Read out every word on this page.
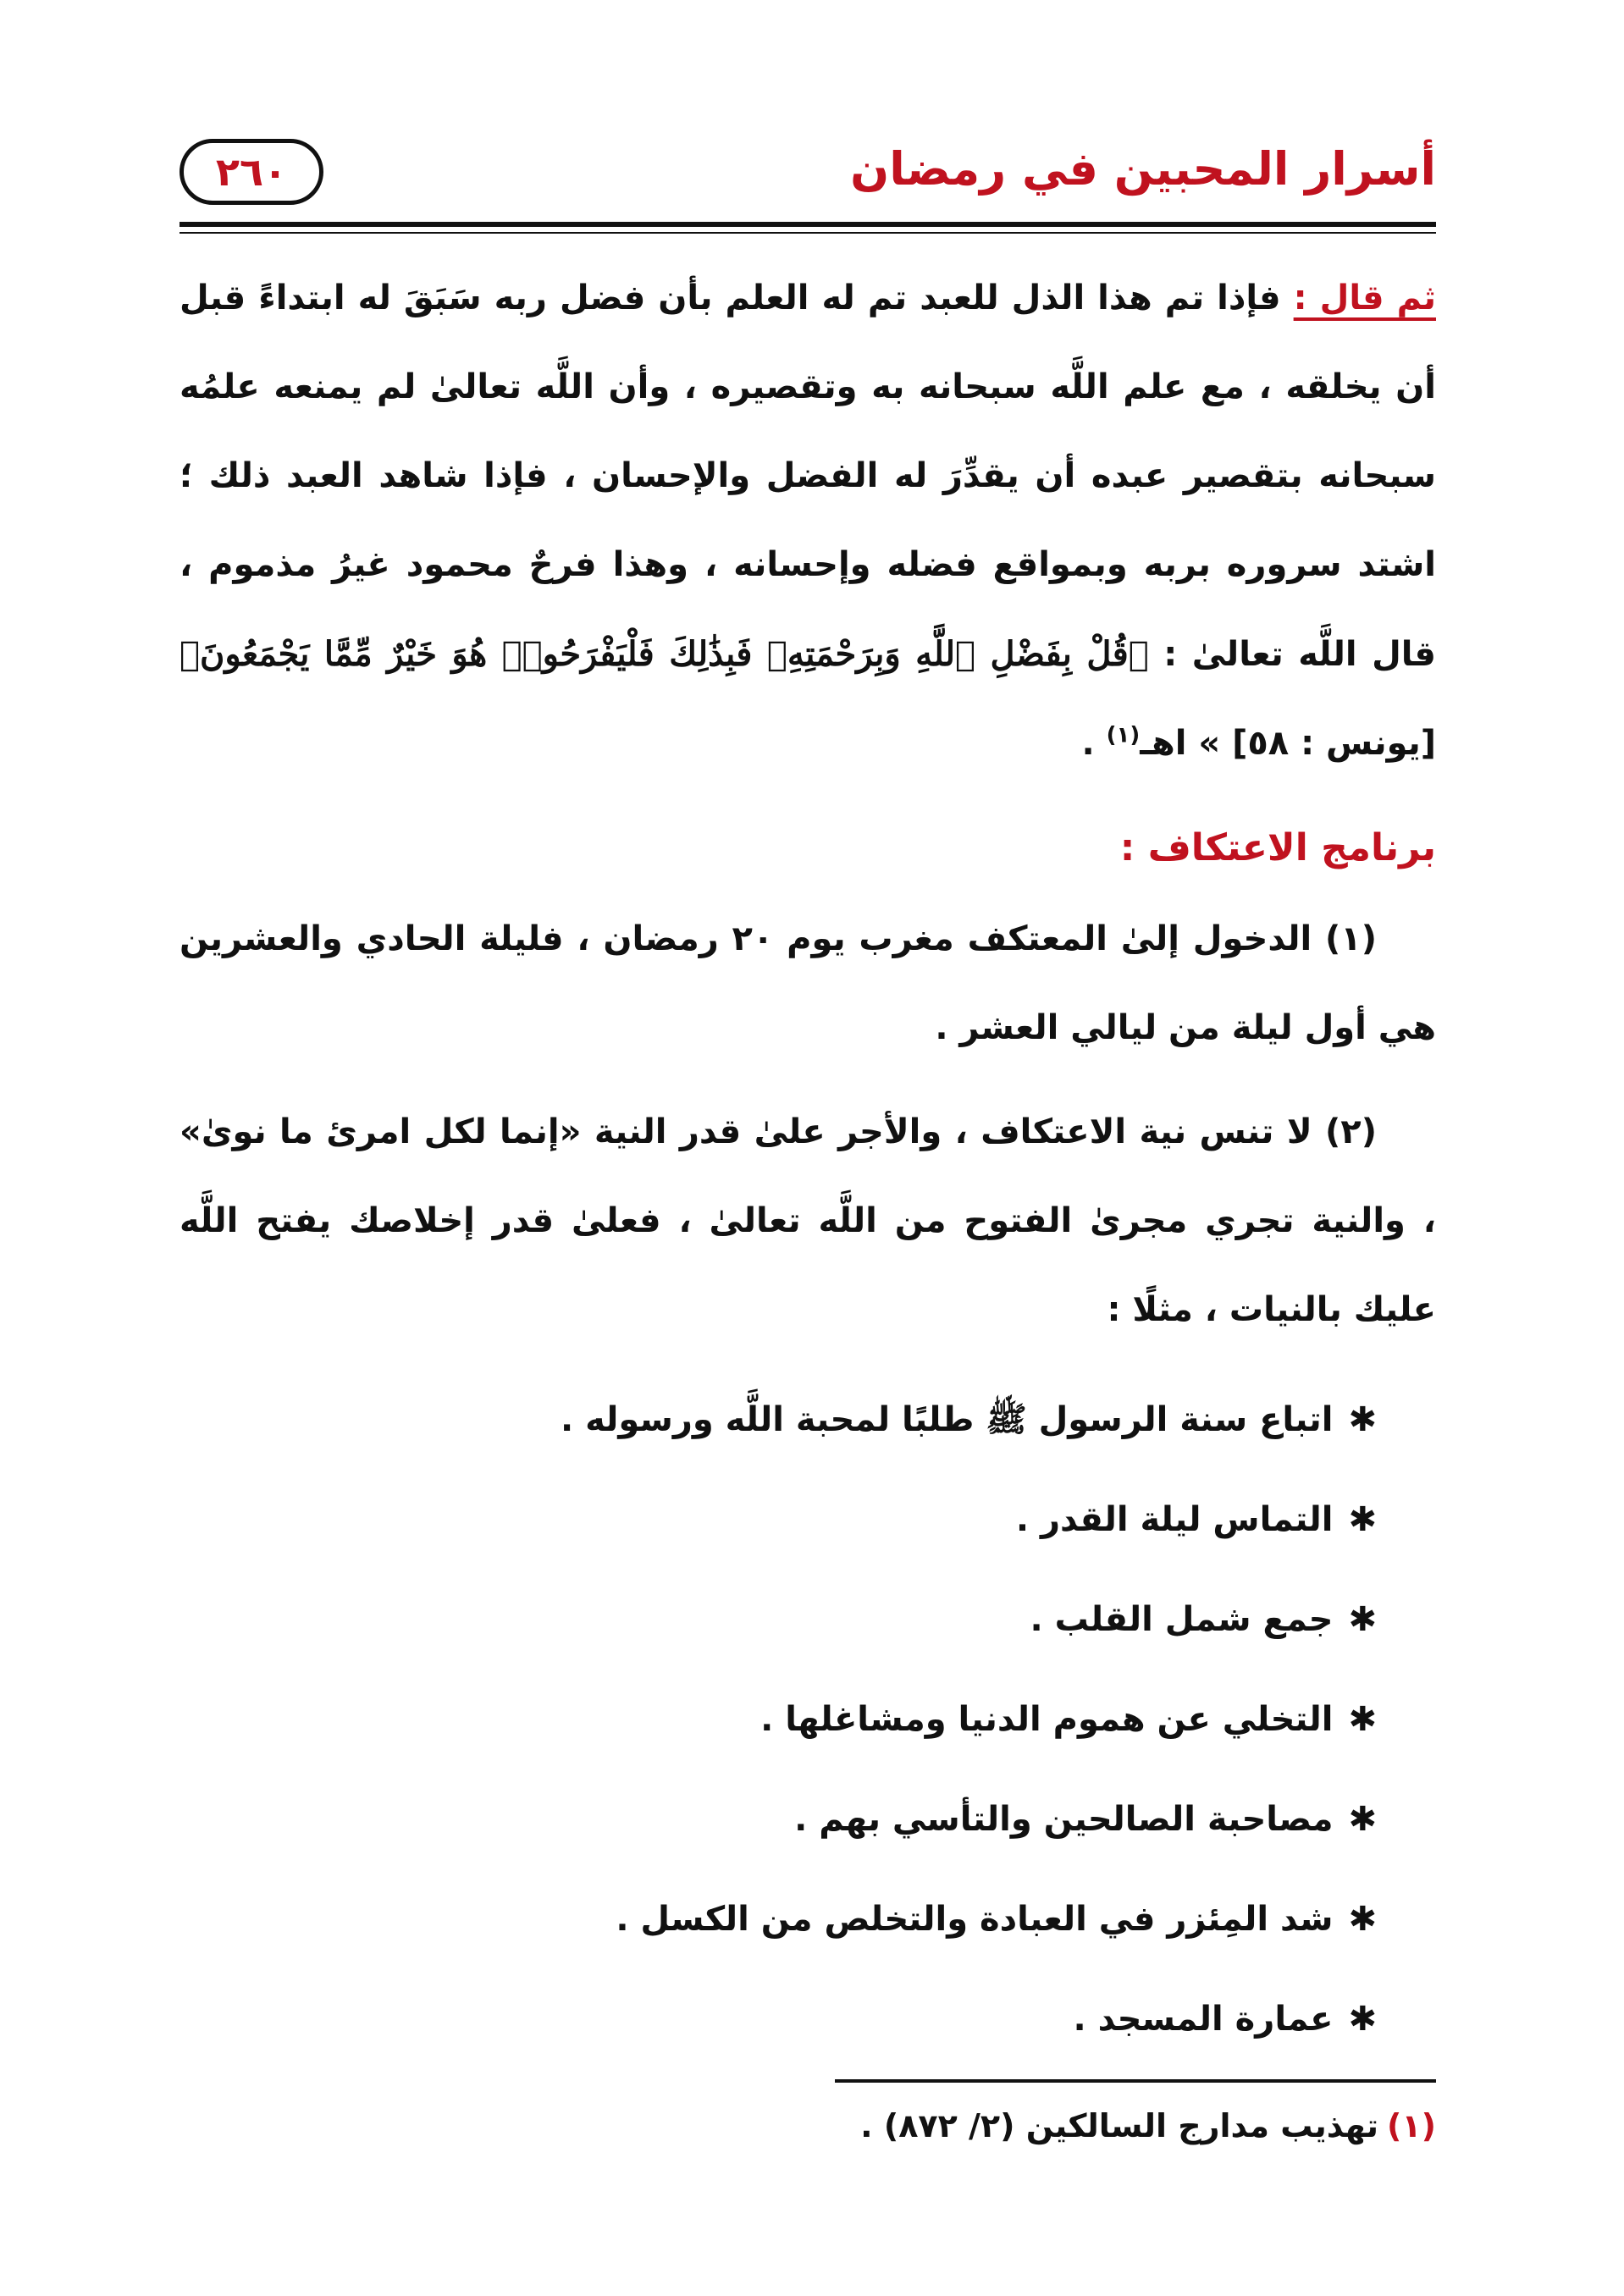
أسرار المحبين في رمضان
٢٦٠

ثم قال : فإذا تم هذا الذل للعبد تم له العلم بأن فضل ربه سَبَقَ له ابتداءً قبل أن يخلقه ، مع علم اللَّه سبحانه به وتقصيره ، وأن اللَّه تعالىٰ لم يمنعه علمُه سبحانه بتقصير عبده أن يقدِّرَ له الفضل والإحسان ، فإذا شاهد العبد ذلك ؛ اشتد سروره بربه وبمواقع فضله وإحسانه ، وهذا فرحٌ محمود غيرُ مذموم ، قال اللَّه تعالىٰ : ﴿قُلْ بِفَضْلِ ٱللَّهِ وَبِرَحْمَتِهِۦ فَبِذَٰلِكَ فَلْيَفْرَحُوا۟ هُوَ خَيْرٌ مِّمَّا يَجْمَعُونَ﴾ [يونس : ٥٨] » اهـ$^{(١)}$ .

برنامج الاعتكاف :

(١) الدخول إلىٰ المعتكف مغرب يوم ٢٠ رمضان ، فليلة الحادي والعشرين هي أول ليلة من ليالي العشر .

(٢) لا تنس نية الاعتكاف ، والأجر علىٰ قدر النية «إنما لكل امرئ ما نوىٰ» ، والنية تجري مجرىٰ الفتوح من اللَّه تعالىٰ ، فعلىٰ قدر إخلاصك يفتح اللَّه عليك بالنيات ، مثلًا :

✱اتباع سنة الرسول ﷺ طلبًا لمحبة اللَّه ورسوله .
✱التماس ليلة القدر .
✱جمع شمل القلب .
✱التخلي عن هموم الدنيا ومشاغلها .
✱مصاحبة الصالحين والتأسي بهم .
✱شد المِئزر في العبادة والتخلص من الكسل .
✱عمارة المسجد .
(١)تهذيب مدارج السالكين (٢/ ٨٧٢) .
